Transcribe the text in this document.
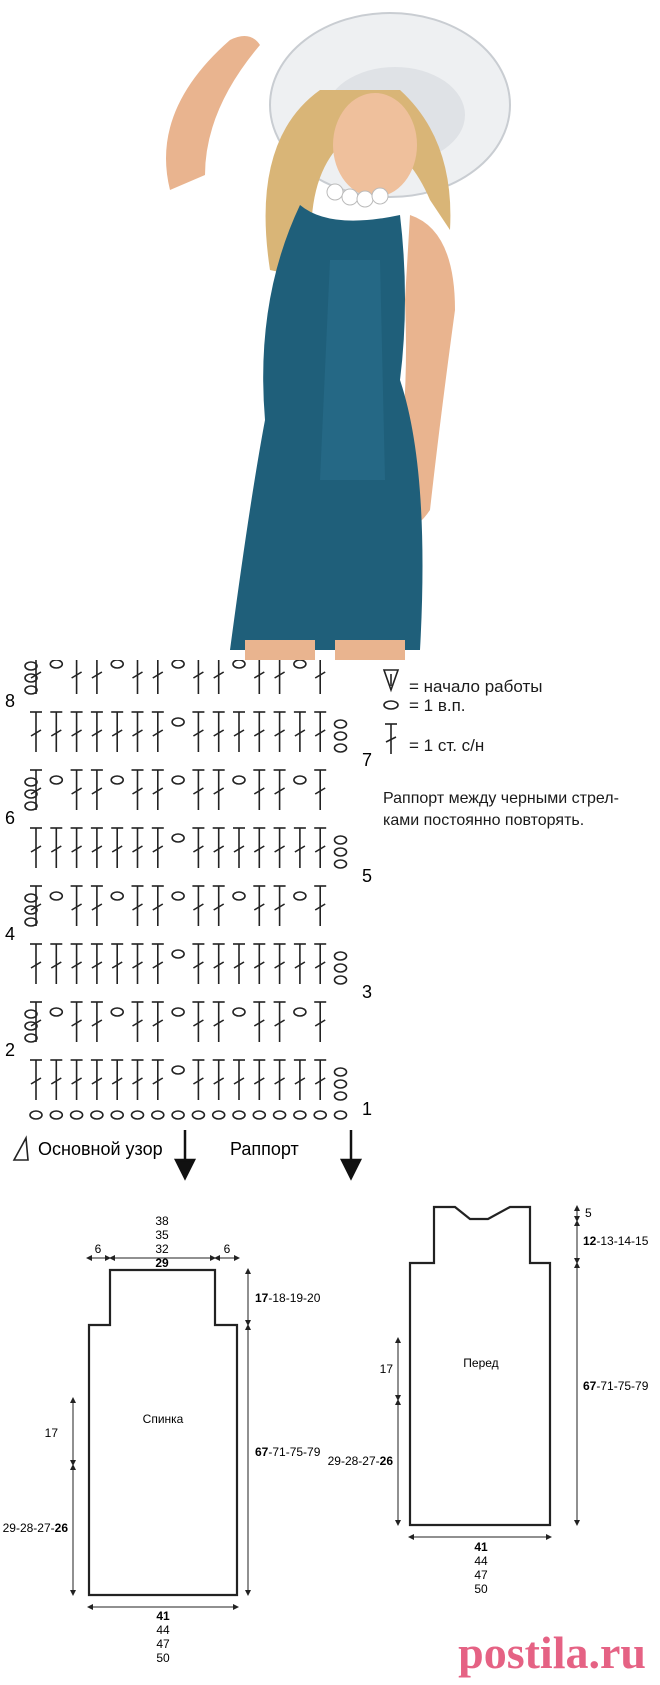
8
6
4
2
7
5
3
1
Основной узор	Раппорт
= начало работы
= 1 в.п.
= 1 ст. с/н
Раппорт между черными стрел-ками постоянно повторять.
38
35
32
29
6	6
17-18-19-20
67-71-75-79
17
29-28-27-26
Спинка
41
44
47
50
5
12-13-14-15
67-71-75-79
17
29-28-27-26
Перед
41
44
47
50
postila.ru
